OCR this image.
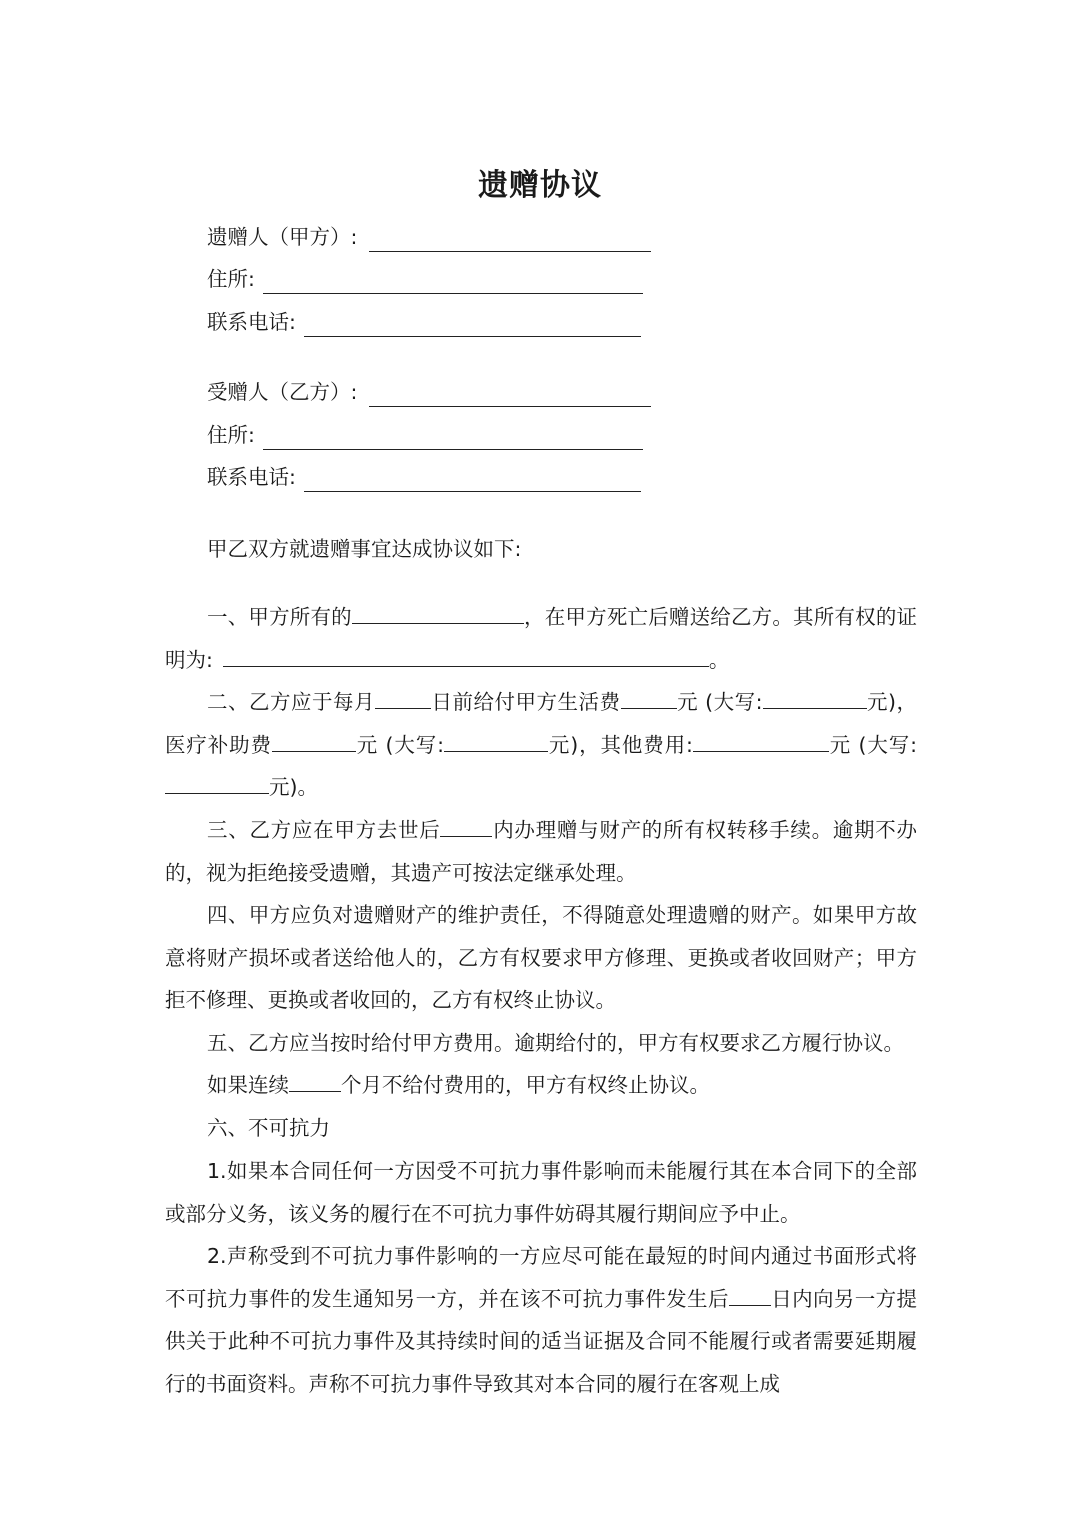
遗赠协议
遗赠人（甲方）:
住所:
联系电话:
受赠人（乙方）:
住所:
联系电话:
甲乙双方就遗赠事宜达成协议如下:
一、甲方所有的	，在甲方死亡后赠送给乙方。其所有权的证明为:	。
二、乙方应于每月	日前给付甲方生活费	元 (大写:	元)，医疗补助费	元 (大写:	元)，其他费用:	元 (大写:元)。
三、乙方应在甲方去世后	内办理赠与财产的所有权转移手续。逾期不办的，视为拒绝接受遗赠，其遗产可按法定继承处理。
四、甲方应负对遗赠财产的维护责任，不得随意处理遗赠的财产。如果甲方故意将财产损坏或者送给他人的，乙方有权要求甲方修理、更换或者收回财产；甲方拒不修理、更换或者收回的，乙方有权终止协议。
五、乙方应当按时给付甲方费用。逾期给付的，甲方有权要求乙方履行协议。
如果连续	个月不给付费用的，甲方有权终止协议。
六、不可抗力
1.如果本合同任何一方因受不可抗力事件影响而未能履行其在本合同下的全部或部分义务，该义务的履行在不可抗力事件妨碍其履行期间应予中止。
2.声称受到不可抗力事件影响的一方应尽可能在最短的时间内通过书面形式将不可抗力事件的发生通知另一方，并在该不可抗力事件发生后 日内向另一方提供关于此种不可抗力事件及其持续时间的适当证据及合同不能履行或者需要延期履行的书面资料。声称不可抗力事件导致其对本合同的履行在客观上成
